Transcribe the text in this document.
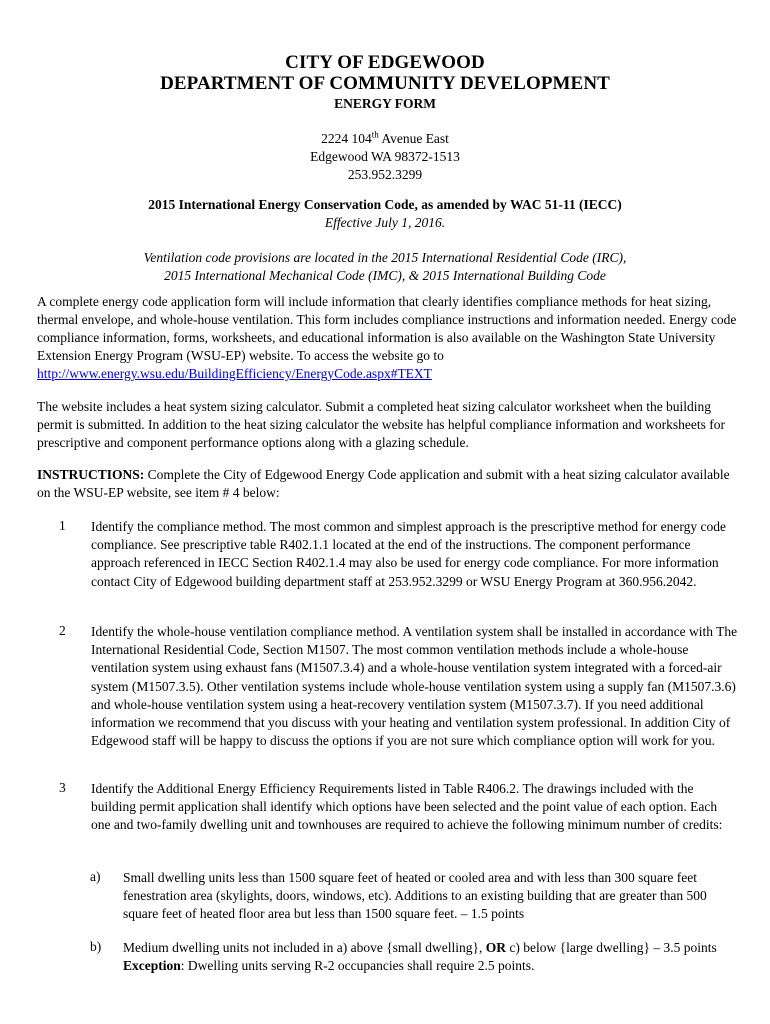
CITY OF EDGEWOOD
DEPARTMENT OF COMMUNITY DEVELOPMENT
ENERGY FORM
2224 104th Avenue East
Edgewood WA 98372-1513
253.952.3299
2015 International Energy Conservation Code, as amended by WAC 51-11 (IECC)
Effective July 1, 2016.
Ventilation code provisions are located in the 2015 International Residential Code (IRC),
2015 International Mechanical Code (IMC), & 2015 International Building Code
A complete energy code application form will include information that clearly identifies compliance methods for heat sizing, thermal envelope, and whole-house ventilation. This form includes compliance instructions and information needed. Energy code compliance information, forms, worksheets, and educational information is also available on the Washington State University Extension Energy Program (WSU-EP) website. To access the website go to http://www.energy.wsu.edu/BuildingEfficiency/EnergyCode.aspx#TEXT
The website includes a heat system sizing calculator. Submit a completed heat sizing calculator worksheet when the building permit is submitted. In addition to the heat sizing calculator the website has helpful compliance information and worksheets for prescriptive and component performance options along with a glazing schedule.
INSTRUCTIONS: Complete the City of Edgewood Energy Code application and submit with a heat sizing calculator available on the WSU-EP website, see item # 4 below:
1 Identify the compliance method. The most common and simplest approach is the prescriptive method for energy code compliance. See prescriptive table R402.1.1 located at the end of the instructions. The component performance approach referenced in IECC Section R402.1.4 may also be used for energy code compliance. For more information contact City of Edgewood building department staff at 253.952.3299 or WSU Energy Program at 360.956.2042.
2 Identify the whole-house ventilation compliance method. A ventilation system shall be installed in accordance with The International Residential Code, Section M1507. The most common ventilation methods include a whole-house ventilation system using exhaust fans (M1507.3.4) and a whole-house ventilation system integrated with a forced-air system (M1507.3.5). Other ventilation systems include whole-house ventilation system using a supply fan (M1507.3.6) and whole-house ventilation system using a heat-recovery ventilation system (M1507.3.7). If you need additional information we recommend that you discuss with your heating and ventilation system professional. In addition City of Edgewood staff will be happy to discuss the options if you are not sure which compliance option will work for you.
3 Identify the Additional Energy Efficiency Requirements listed in Table R406.2. The drawings included with the building permit application shall identify which options have been selected and the point value of each option. Each one and two-family dwelling unit and townhouses are required to achieve the following minimum number of credits:
a) Small dwelling units less than 1500 square feet of heated or cooled area and with less than 300 square feet fenestration area (skylights, doors, windows, etc). Additions to an existing building that are greater than 500 square feet of heated floor area but less than 1500 square feet. – 1.5 points
b) Medium dwelling units not included in a) above {small dwelling}, OR c) below {large dwelling} – 3.5 points Exception: Dwelling units serving R-2 occupancies shall require 2.5 points.
